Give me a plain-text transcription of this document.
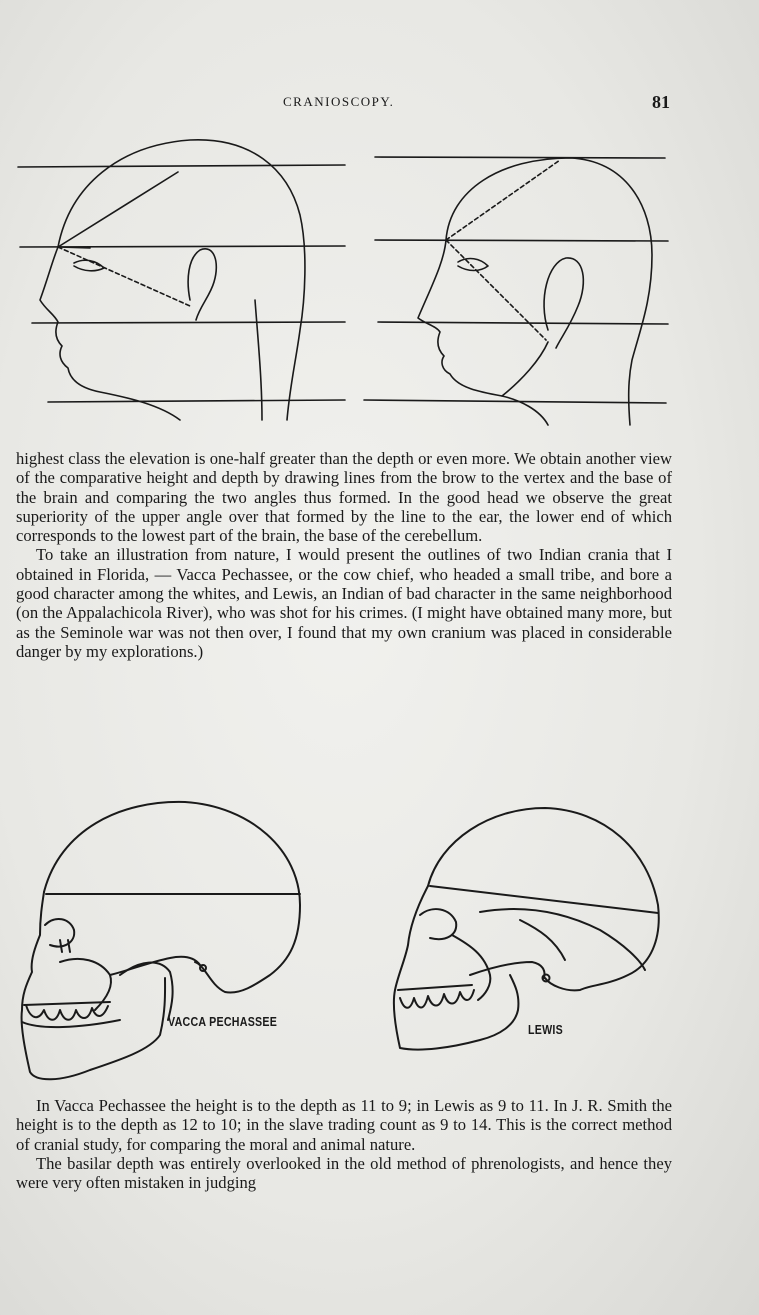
CRANIOSCOPY.	81

highest class the elevation is one-half greater than the depth or even more. We obtain another view of the comparative height and depth by drawing lines from the brow to the vertex and the base of the brain and comparing the two angles thus formed. In the good head we observe the great superiority of the upper angle over that formed by the line to the ear, the lower end of which corresponds to the lowest part of the brain, the base of the cerebellum.

To take an illustration from nature, I would present the outlines of two Indian crania that I obtained in Florida, — Vacca Pechassee, or the cow chief, who headed a small tribe, and bore a good character among the whites, and Lewis, an Indian of bad character in the same neighborhood (on the Appalachicola River), who was shot for his crimes. (I might have obtained many more, but as the Seminole war was not then over, I found that my own cranium was placed in considerable danger by my explorations.)

VACCA PECHASSEE
LEWIS

In Vacca Pechassee the height is to the depth as 11 to 9; in Lewis as 9 to 11. In J. R. Smith the height is to the depth as 12 to 10; in the slave trading count as 9 to 14. This is the correct method of cranial study, for comparing the moral and animal nature.

The basilar depth was entirely overlooked in the old method of phrenologists, and hence they were very often mistaken in judging
